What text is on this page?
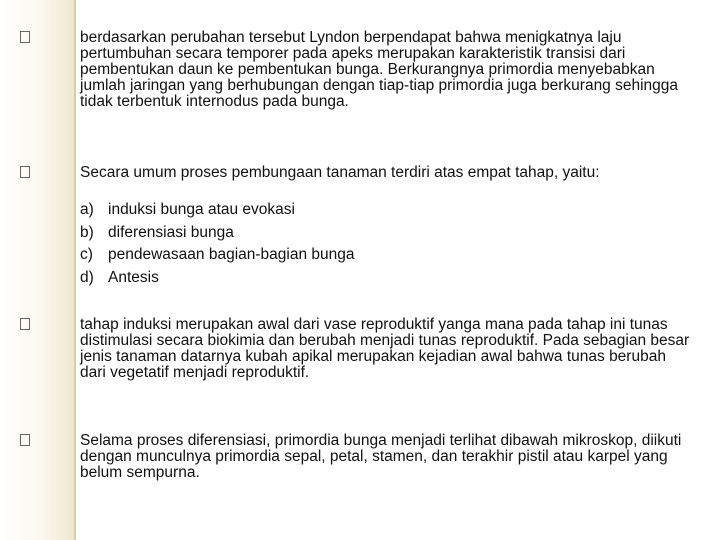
berdasarkan perubahan tersebut Lyndon berpendapat bahwa menigkatnya laju pertumbuhan secara temporer pada apeks merupakan karakteristik transisi dari pembentukan daun ke pembentukan bunga. Berkurangnya primordia menyebabkan jumlah jaringan yang berhubungan dengan tiap-tiap primordia juga berkurang sehingga tidak terbentuk internodus pada bunga.

Secara umum proses pembungaan tanaman terdiri atas empat tahap, yaitu:

a) induksi bunga atau evokasi
b) diferensiasi bunga
c) pendewasaan bagian-bagian bunga
d) Antesis

tahap induksi merupakan awal dari vase reproduktif yanga mana pada tahap ini tunas distimulasi secara biokimia dan berubah menjadi tunas reproduktif. Pada sebagian besar jenis tanaman datarnya kubah apikal merupakan kejadian awal bahwa tunas berubah dari vegetatif menjadi reproduktif.

Selama proses diferensiasi, primordia bunga menjadi terlihat dibawah mikroskop, diikuti dengan munculnya primordia sepal, petal, stamen, dan terakhir pistil atau karpel yang belum sempurna.
